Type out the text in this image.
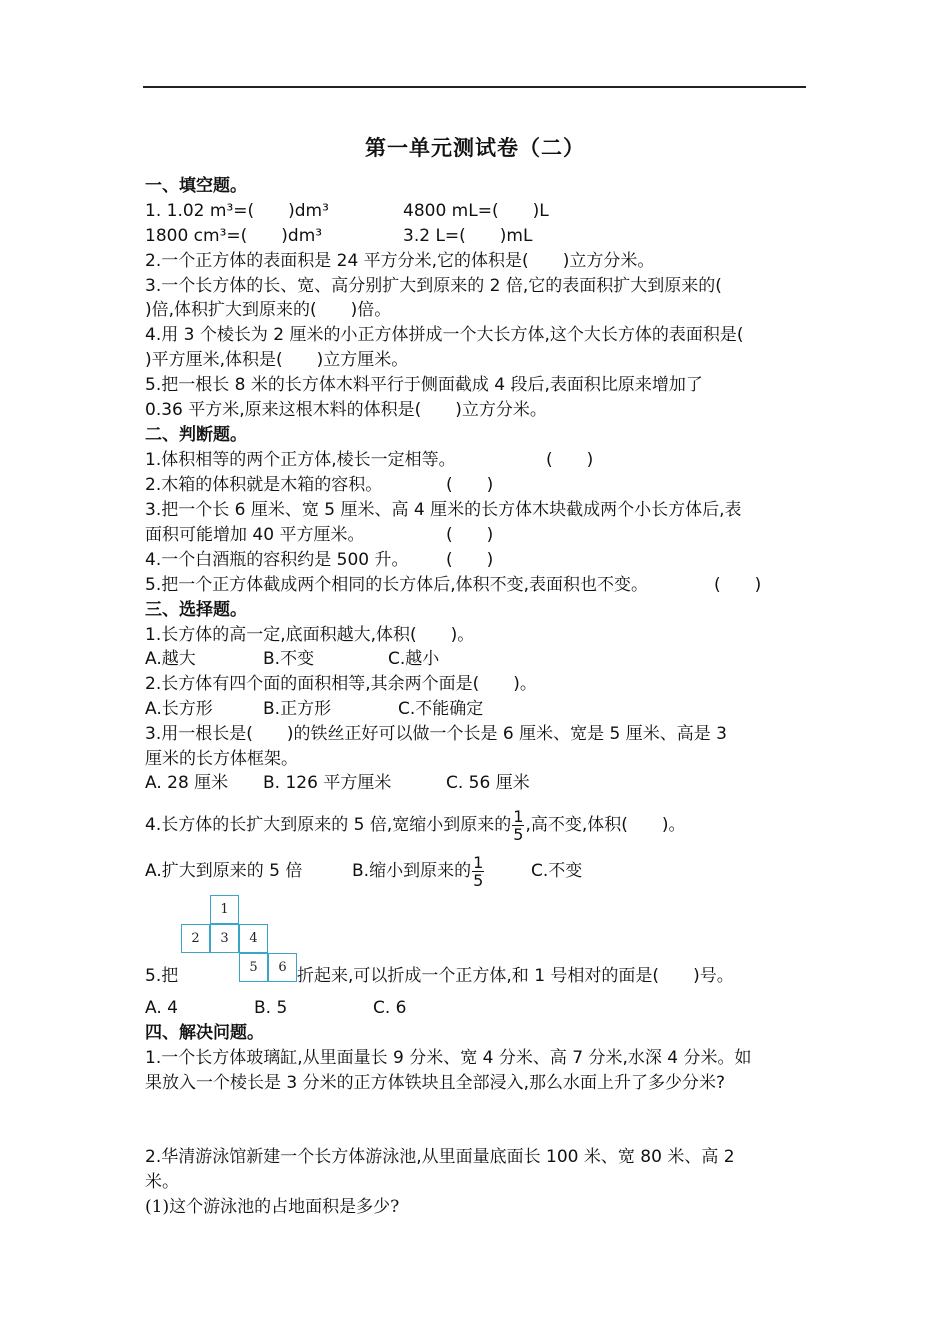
第一单元测试卷（二）
一、填空题。
1. 1.02 m³=(　　)dm³	4800 mL=(　　)L
1800 cm³=(　　)dm³	3.2 L=(　　)mL
2.一个正方体的表面积是 24 平方分米,它的体积是(　　)立方分米。
3.一个长方体的长、宽、高分别扩大到原来的 2 倍,它的表面积扩大到原来的(
)倍,体积扩大到原来的(　　)倍。
4.用 3 个棱长为 2 厘米的小正方体拼成一个大长方体,这个大长方体的表面积是(
)平方厘米,体积是(　　)立方厘米。
5.把一根长 8 米的长方体木料平行于侧面截成 4 段后,表面积比原来增加了
0.36 平方米,原来这根木料的体积是(　　)立方分米。
二、判断题。
1.体积相等的两个正方体,棱长一定相等。	(　　)
2.木箱的体积就是木箱的容积。	(　　)
3.把一个长 6 厘米、宽 5 厘米、高 4 厘米的长方体木块截成两个小长方体后,表
面积可能增加 40 平方厘米。	(　　)
4.一个白酒瓶的容积约是 500 升。 (　　)
5.把一个正方体截成两个相同的长方体后,体积不变,表面积也不变。	(　　)
三、选择题。
1.长方体的高一定,底面积越大,体积(　　)。
A.越大	B.不变	C.越小
2.长方体有四个面的面积相等,其余两个面是(　　)。
A.长方形	B.正方形	C.不能确定
3.用一根长是(　　)的铁丝正好可以做一个长是 6 厘米、宽是 5 厘米、高是 3
厘米的长方体框架。
A. 28 厘米 B. 126 平方厘米	C. 56 厘米
4.长方体的长扩大到原来的 5 倍,宽缩小到原来的 $\frac{1}{5}$ ,高不变,体积(　　)。
A.扩大到原来的 5 倍	B.缩小到原来的 $\frac{1}{5}$	C.不变
1
2	3	4
5	6
5.把	折起来,可以折成一个正方体,和 1 号相对的面是(　　)号。
A. 4	B. 5	C. 6
四、解决问题。
1.一个长方体玻璃缸,从里面量长 9 分米、宽 4 分米、高 7 分米,水深 4 分米。如
果放入一个棱长是 3 分米的正方体铁块且全部浸入,那么水面上升了多少分米?
2.华清游泳馆新建一个长方体游泳池,从里面量底面长 100 米、宽 80 米、高 2
米。
(1)这个游泳池的占地面积是多少?
